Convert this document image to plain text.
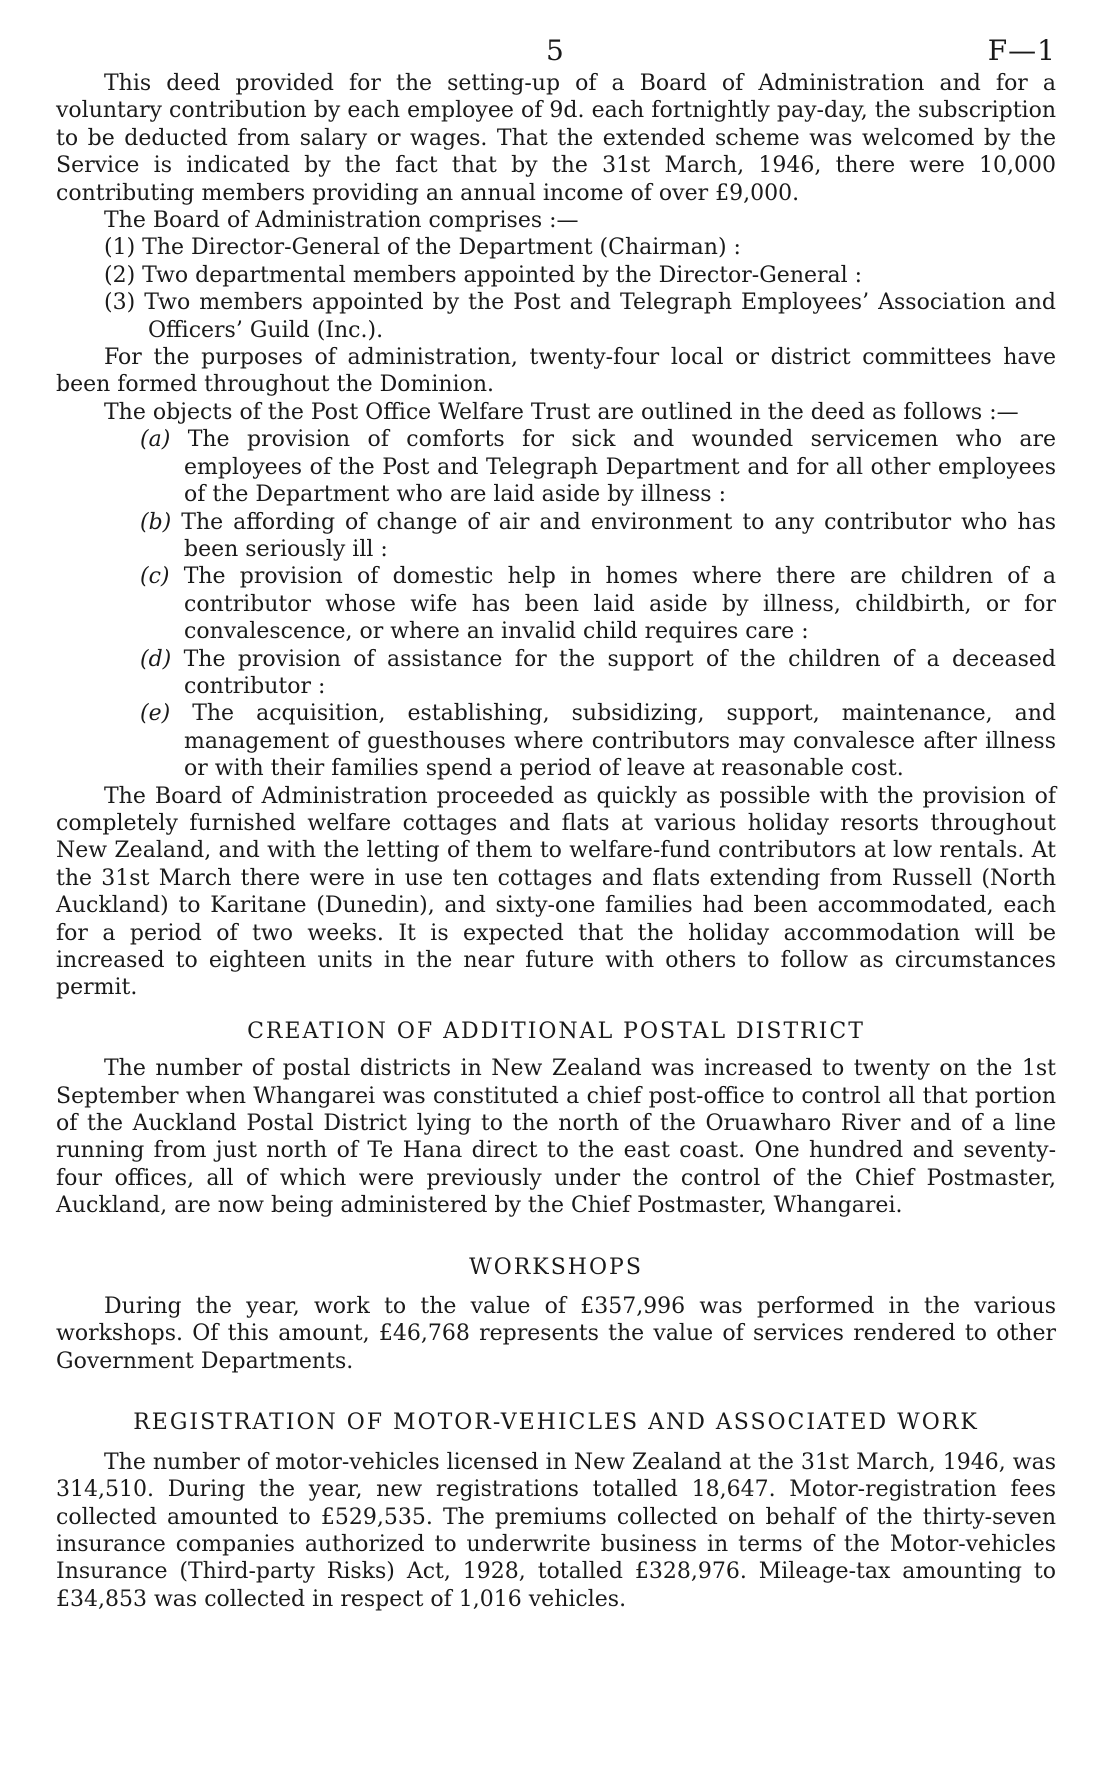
5	F—1

This deed provided for the setting-up of a Board of Administration and for a voluntary contribution by each employee of 9d. each fortnightly pay-day, the subscription to be deducted from salary or wages. That the extended scheme was welcomed by the Service is indicated by the fact that by the 31st March, 1946, there were 10,000 contributing members providing an annual income of over £9,000.

The Board of Administration comprises :—

(1) The Director-General of the Department (Chairman) :

(2) Two departmental members appointed by the Director-General :

(3) Two members appointed by the Post and Telegraph Employees’ Association and Officers’ Guild (Inc.).

For the purposes of administration, twenty-four local or district committees have been formed throughout the Dominion.

The objects of the Post Office Welfare Trust are outlined in the deed as follows :—

(a) The provision of comforts for sick and wounded servicemen who are employees of the Post and Telegraph Department and for all other employees of the Department who are laid aside by illness :

(b) The affording of change of air and environment to any contributor who has been seriously ill :

(c) The provision of domestic help in homes where there are children of a contributor whose wife has been laid aside by illness, childbirth, or for convalescence, or where an invalid child requires care :

(d) The provision of assistance for the support of the children of a deceased contributor :

(e) The acquisition, establishing, subsidizing, support, maintenance, and management of guesthouses where contributors may convalesce after illness or with their families spend a period of leave at reasonable cost.

The Board of Administration proceeded as quickly as possible with the provision of completely furnished welfare cottages and flats at various holiday resorts throughout New Zealand, and with the letting of them to welfare-fund contributors at low rentals. At the 31st March there were in use ten cottages and flats extending from Russell (North Auckland) to Karitane (Dunedin), and sixty-one families had been accommodated, each for a period of two weeks. It is expected that the holiday accommodation will be increased to eighteen units in the near future with others to follow as circumstances permit.

CREATION OF ADDITIONAL POSTAL DISTRICT

The number of postal districts in New Zealand was increased to twenty on the 1st September when Whangarei was constituted a chief post-office to control all that portion of the Auckland Postal District lying to the north of the Oruawharo River and of a line running from just north of Te Hana direct to the east coast. One hundred and seventy-four offices, all of which were previously under the control of the Chief Postmaster, Auckland, are now being administered by the Chief Postmaster, Whangarei.

WORKSHOPS

During the year, work to the value of £357,996 was performed in the various workshops. Of this amount, £46,768 represents the value of services rendered to other Government Departments.

REGISTRATION OF MOTOR-VEHICLES AND ASSOCIATED WORK

The number of motor-vehicles licensed in New Zealand at the 31st March, 1946, was 314,510. During the year, new registrations totalled 18,647. Motor-registration fees collected amounted to £529,535. The premiums collected on behalf of the thirty-seven insurance companies authorized to underwrite business in terms of the Motor-vehicles Insurance (Third-party Risks) Act, 1928, totalled £328,976. Mileage-tax amounting to £34,853 was collected in respect of 1,016 vehicles.
